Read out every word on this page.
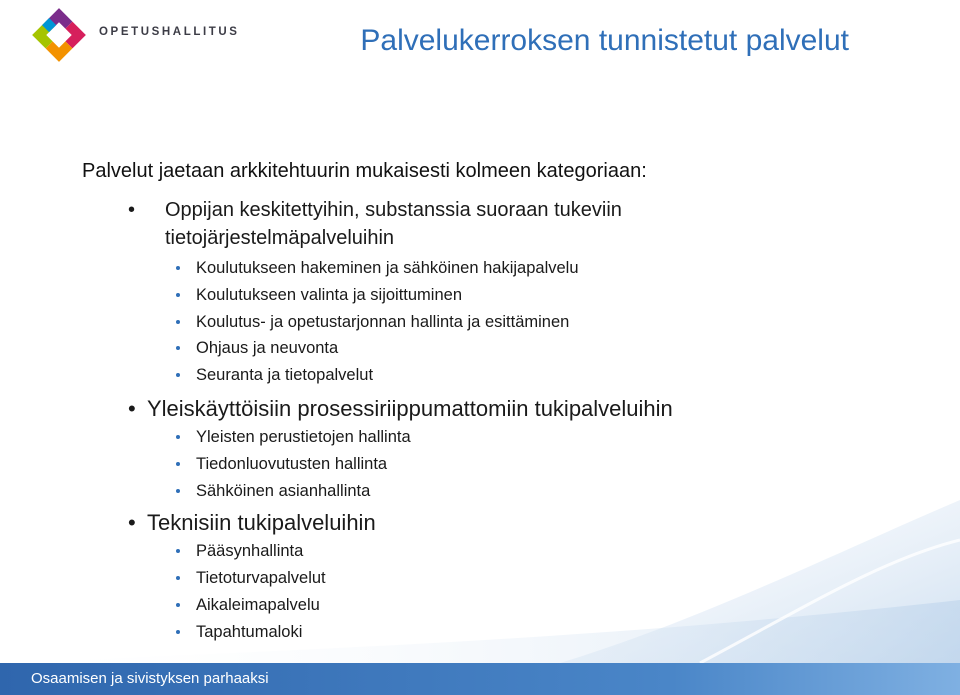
OPETUSHALLITUS	Palvelukerroksen tunnistetut palvelut
Palvelut jaetaan arkkitehtuurin mukaisesti kolmeen kategoriaan:
• Oppijan keskitettyihin, substanssia suoraan tukeviin
tietojärjestelmäpalveluihin
Koulutukseen hakeminen ja sähköinen hakijapalvelu
Koulutukseen valinta ja sijoittuminen
Koulutus- ja opetustarjonnan hallinta ja esittäminen
Ohjaus ja neuvonta
Seuranta ja tietopalvelut
• Yleiskäyttöisiin prosessiriippumattomiin tukipalveluihin
Yleisten perustietojen hallinta
Tiedonluovutusten hallinta
Sähköinen asianhallinta
• Teknisiin tukipalveluihin
Pääsynhallinta
Tietoturvapalvelut
Aikaleimapalvelu
Tapahtumaloki
Osaamisen ja sivistyksen parhaaksi
